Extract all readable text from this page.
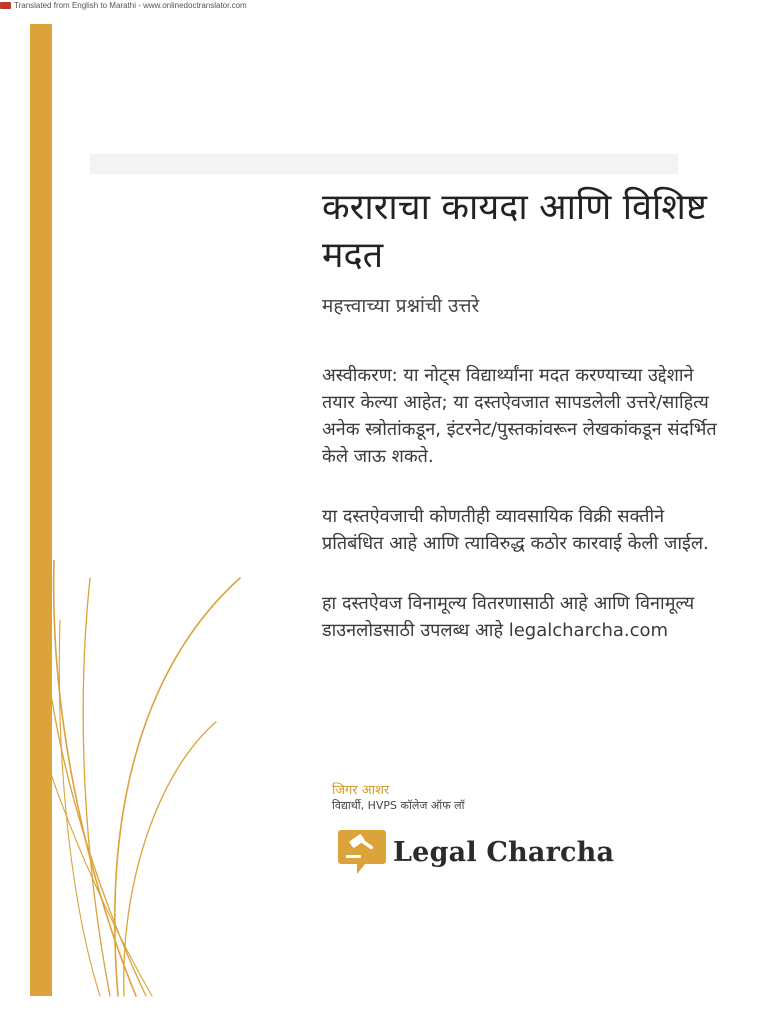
Translated from English to Marathi - www.onlinedoctranslator.com
कराराचा कायदा आणि विशिष्ट मदत
महत्त्वाच्या प्रश्नांची उत्तरे

अस्वीकरण: या नोट्स विद्यार्थ्यांना मदत करण्याच्या उद्देशाने तयार केल्या आहेत; या दस्तऐवजात सापडलेली उत्तरे/साहित्य अनेक स्त्रोतांकडून, इंटरनेट/पुस्तकांवरून लेखकांकडून संदर्भित केले जाऊ शकते.

या दस्तऐवजाची कोणतीही व्यावसायिक विक्री सक्तीने प्रतिबंधित आहे आणि त्याविरुद्ध कठोर कारवाई केली जाईल.

हा दस्तऐवज विनामूल्य वितरणासाठी आहे आणि विनामूल्य डाउनलोडसाठी उपलब्ध आहे legalcharcha.com

जिगर आशर
विद्यार्थी, HVPS कॉलेज ऑफ लॉ
Legal Charcha
